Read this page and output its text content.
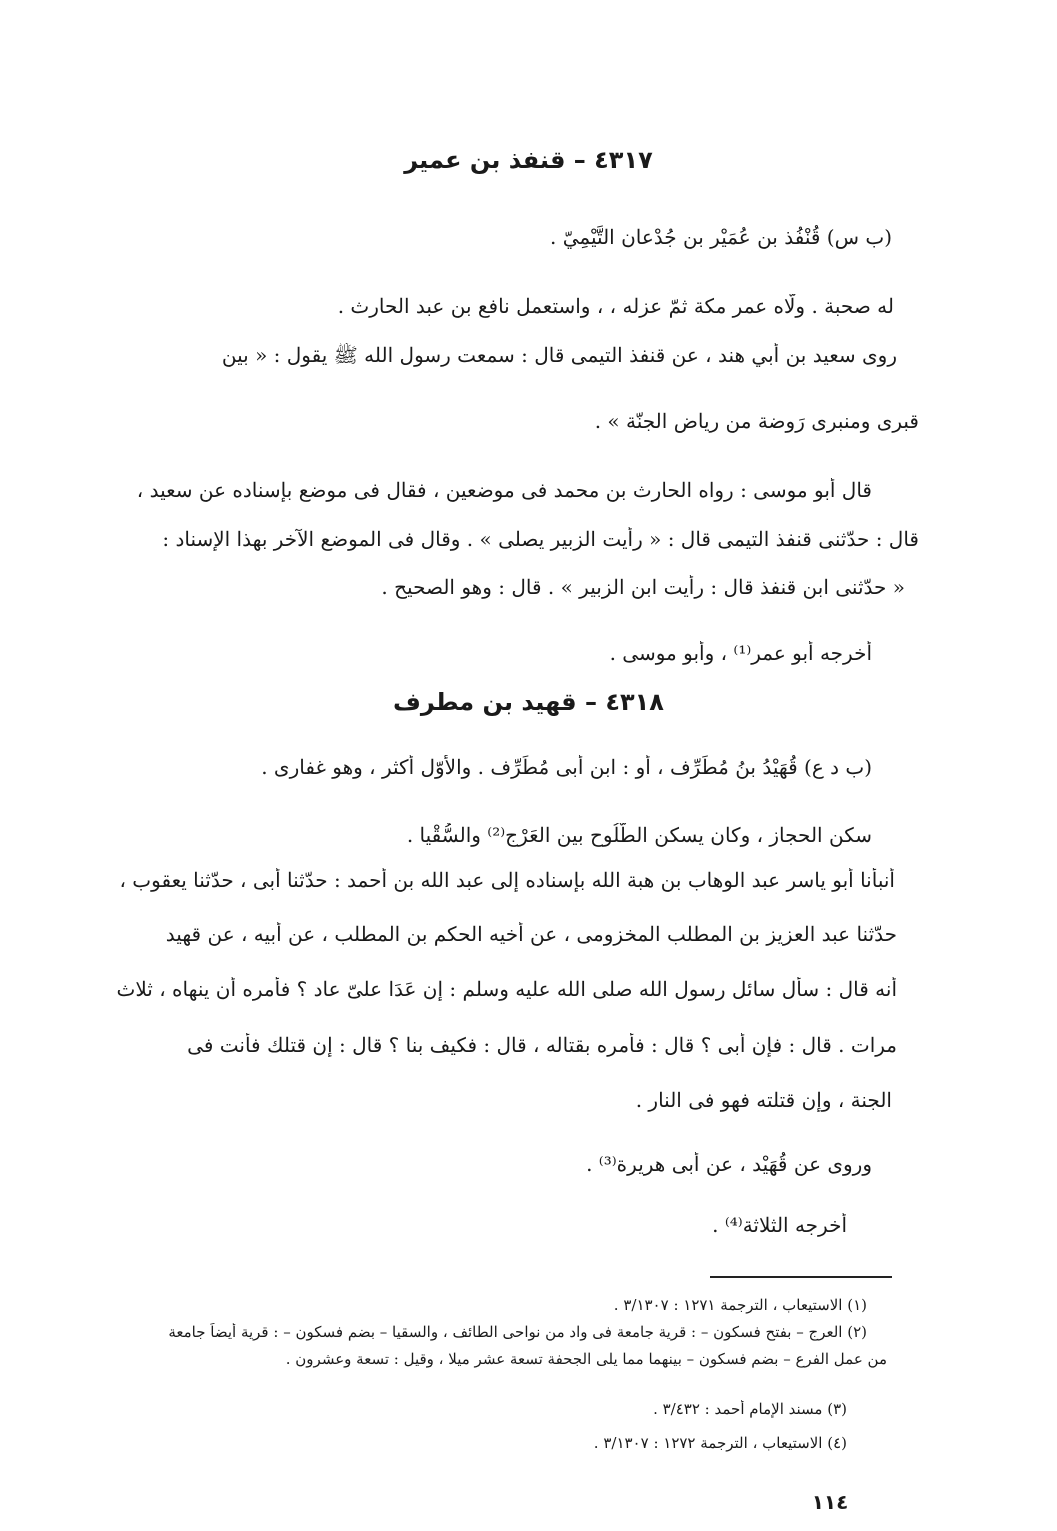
٤٣١٧ – قنفذ بن عمير
(ب س) قُنْفُذ بن عُمَيْر بن جُدْعان التَّيْمِيّ .
له صحبة . ولّاه عمر مكة ثمّ عزله ، ، واستعمل نافع بن عبد الحارث .
روى سعيد بن أبي هند ، عن قنفذ التيمى قال : سمعت رسول الله ﷺ يقول : « بين
قبرى ومنبرى رَوضة من رياضِ الجنّة » .
قال أبو موسى : رواه الحارث بن محمد فى موضعين ، فقال فى موضع بإسناده عن سعيد ،
قال : حدّثنى قنفذ التيمى قال : « رأيت الزبير يصلى » . وقال فى الموضع الآخر بهذا الإسناد :
« حدّثنى ابن قنفذ قال : رأيت ابن الزبير » . قال : وهو الصحيح .
أخرجه أبو عمر⁽¹⁾ ، وأبو موسى .
٤٣١٨ – قهيد بن مطرف
(ب د ع) قُهَيْدُ بنُ مُطَرِّف ، أو : ابن أبى مُطَرِّف . والأوّل أكثر ، وهو غفارى .
سكن الحجاز ، وكان يسكن الطُّلُوح بين العَرْج⁽²⁾ والسُّقْيا .
أنبأنا أبو ياسر عبد الوهاب بن هبة الله بإسناده إلى عبد الله بن أحمد : حدّثنا أبى ، حدّثنا يعقوب ،
حدّثنا عبد العزيز بن المطلب المخزومى ، عن أخيه الحكم بن المطلب ، عن أبيه ، عن قهيد
أنه قال : سأل سائل رسول الله صلى الله عليه وسلم : إن عَدَا علىّ عاد ؟ فأمره أن ينهاه ، ثلاث
مرات . قال : فإن أبى ؟ قال : فأمره بقتاله ، قال : فكيف بنا ؟ قال : إن قتلك فأنت فى
الجنة ، وإن قتلته فهو فى النار .
وروى عن قُهَيْد ، عن أبى هريرة⁽³⁾ .
أخرجه الثلاثة⁽⁴⁾ .
(١) الاستيعاب ، الترجمة ١٢٧١ : ٣/١٣٠٧ .
(٢) العرج – بفتح فسكون – : قرية جامعة فى واد من نواحى الطائف ، والسقيا – بضم فسكون – : قرية أيضاً جامعة
من عمل الفرع – بضم فسكون – بينهما مما يلى الجحفة تسعة عشر ميلا ، وقيل : تسعة وعشرون .
(٣) مسند الإمام أحمد : ٣/٤٣٢ .
(٤) الاستيعاب ، الترجمة ١٢٧٢ : ٣/١٣٠٧ .
١١٤
